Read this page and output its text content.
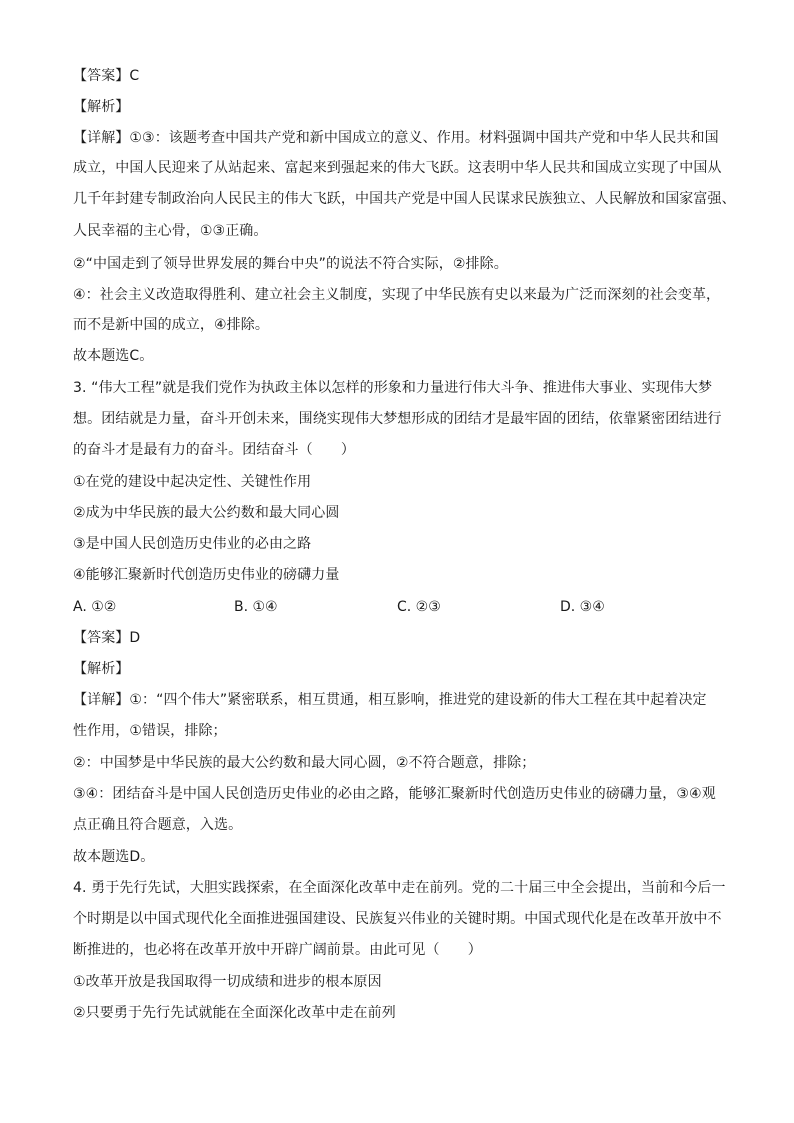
【答案】C
【解析】
【详解】①③：该题考查中国共产党和新中国成立的意义、作用。材料强调中国共产党和中华人民共和国
成立，中国人民迎来了从站起来、富起来到强起来的伟大飞跃。这表明中华人民共和国成立实现了中国从
几千年封建专制政治向人民民主的伟大飞跃，中国共产党是中国人民谋求民族独立、人民解放和国家富强、
人民幸福的主心骨，①③正确。
②“中国走到了领导世界发展的舞台中央”的说法不符合实际，②排除。
④：社会主义改造取得胜利、建立社会主义制度，实现了中华民族有史以来最为广泛而深刻的社会变革，
而不是新中国的成立，④排除。
故本题选C。
3. “伟大工程”就是我们党作为执政主体以怎样的形象和力量进行伟大斗争、推进伟大事业、实现伟大梦
想。团结就是力量，奋斗开创未来，围绕实现伟大梦想形成的团结才是最牢固的团结，依靠紧密团结进行
的奋斗才是最有力的奋斗。团结奋斗（　　）
①在党的建设中起决定性、关键性作用
②成为中华民族的最大公约数和最大同心圆
③是中国人民创造历史伟业的必由之路
④能够汇聚新时代创造历史伟业的磅礴力量
A. ①②	B. ①④	C. ②③	D. ③④
【答案】D
【解析】
【详解】①：“四个伟大”紧密联系，相互贯通，相互影响，推进党的建设新的伟大工程在其中起着决定
性作用，①错误，排除；
②：中国梦是中华民族的最大公约数和最大同心圆，②不符合题意，排除；
③④：团结奋斗是中国人民创造历史伟业的必由之路，能够汇聚新时代创造历史伟业的磅礴力量，③④观
点正确且符合题意，入选。
故本题选D。
4. 勇于先行先试，大胆实践探索，在全面深化改革中走在前列。党的二十届三中全会提出，当前和今后一
个时期是以中国式现代化全面推进强国建设、民族复兴伟业的关键时期。中国式现代化是在改革开放中不
断推进的，也必将在改革开放中开辟广阔前景。由此可见（　　）
①改革开放是我国取得一切成绩和进步的根本原因
②只要勇于先行先试就能在全面深化改革中走在前列
